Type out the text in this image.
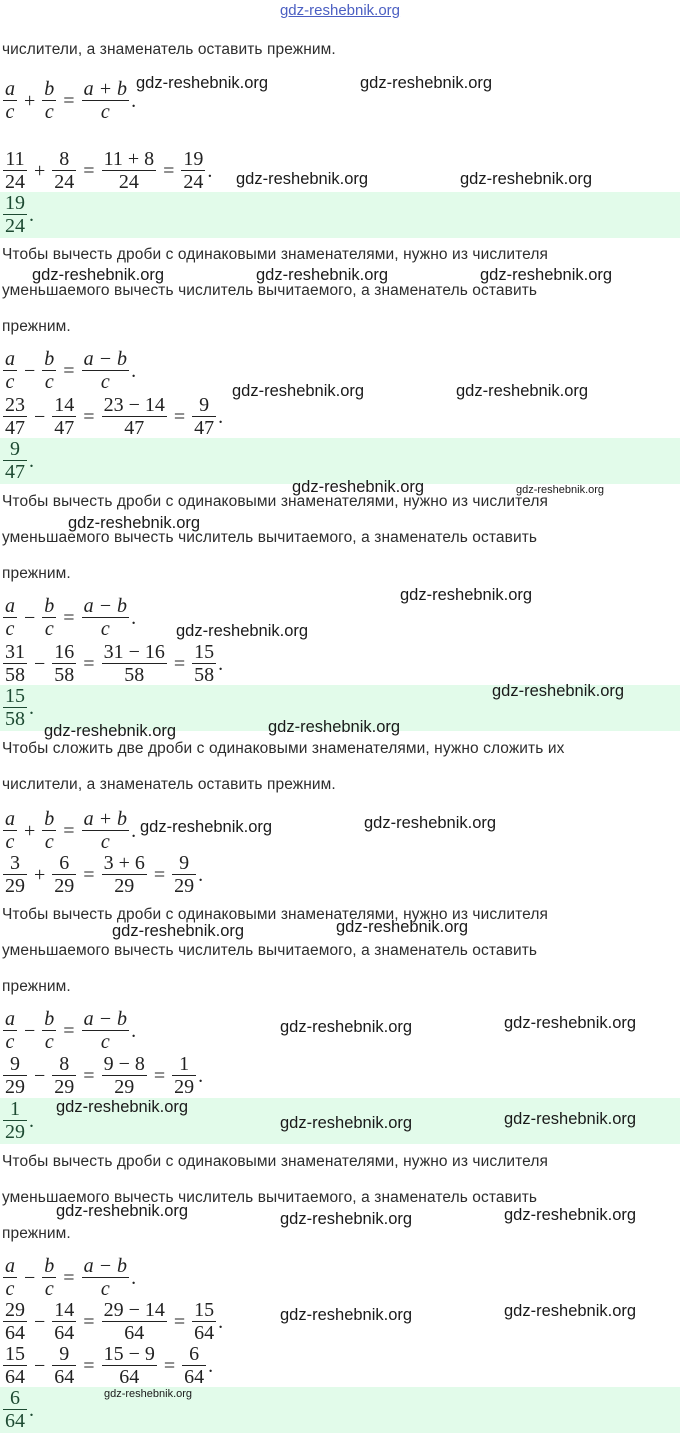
gdz-reshebnik.org
числители, а знаменатель оставить прежним.
Чтобы вычесть дроби с одинаковыми знаменателями, нужно из числителя
уменьшаемого вычесть числитель вычитаемого, а знаменатель оставить
прежним.
Чтобы вычесть дроби с одинаковыми знаменателями, нужно из числителя
уменьшаемого вычесть числитель вычитаемого, а знаменатель оставить
прежним.
Чтобы сложить две дроби с одинаковыми знаменателями, нужно сложить их
числители, а знаменатель оставить прежним.
Чтобы вычесть дроби с одинаковыми знаменателями, нужно из числителя
уменьшаемого вычесть числитель вычитаемого, а знаменатель оставить
прежним.
Чтобы вычесть дроби с одинаковыми знаменателями, нужно из числителя
уменьшаемого вычесть числитель вычитаемого, а знаменатель оставить
прежним.
a
c
+ $\frac{b}{c} = \frac{a + b}{c}$ .
11
24
+ $\frac{8}{24} = \frac{11 + 8}{24} = \frac{19}{24}$ .
19
24
.
a
c
− $\frac{b}{c} = \frac{a - b}{c}$ .
23
47
− $\frac{14}{47} = \frac{23 - 14}{47} = \frac{9}{47}$ .
9
47
.
a
c
− $\frac{b}{c} = \frac{a - b}{c}$ .
31
58
− $\frac{16}{58} = \frac{31 - 16}{58} = \frac{15}{58}$ .
15
58
.
a
c
+ $\frac{b}{c} = \frac{a + b}{c}$ .
3
29
+ $\frac{6}{29} = \frac{3 + 6}{29} = \frac{9}{29}$ .
a
c
− $\frac{b}{c} = \frac{a - b}{c}$ .
9
29
− $\frac{8}{29} = \frac{9 - 8}{29} = \frac{1}{29}$ .
1
29
.
a
c
− $\frac{b}{c} = \frac{a - b}{c}$ .
29
64
− $\frac{14}{64} = \frac{29 - 14}{64} = \frac{15}{64}$ .
15
64
− $\frac{9}{64} = \frac{15 - 9}{64} = \frac{6}{64}$ .
6
64
.
gdz-reshebnik.org	gdz-reshebnik.org
gdz-reshebnik.org	gdz-reshebnik.org
gdz-reshebnik.org	gdz-reshebnik.org	gdz-reshebnik.org
gdz-reshebnik.org	gdz-reshebnik.org
gdz-reshebnik.org	gdz-reshebnik.org
gdz-reshebnik.org
gdz-reshebnik.org
gdz-reshebnik.org
gdz-reshebnik.org
gdz-reshebnik.org	gdz-reshebnik.org
gdz-reshebnik.org	gdz-reshebnik.org
gdz-reshebnik.org	gdz-reshebnik.org
gdz-reshebnik.org	gdz-reshebnik.org
gdz-reshebnik.org
gdz-reshebnik.org	gdz-reshebnik.org
gdz-reshebnik.org	gdz-reshebnik.org	gdz-reshebnik.org
gdz-reshebnik.org	gdz-reshebnik.org
gdz-reshebnik.org
